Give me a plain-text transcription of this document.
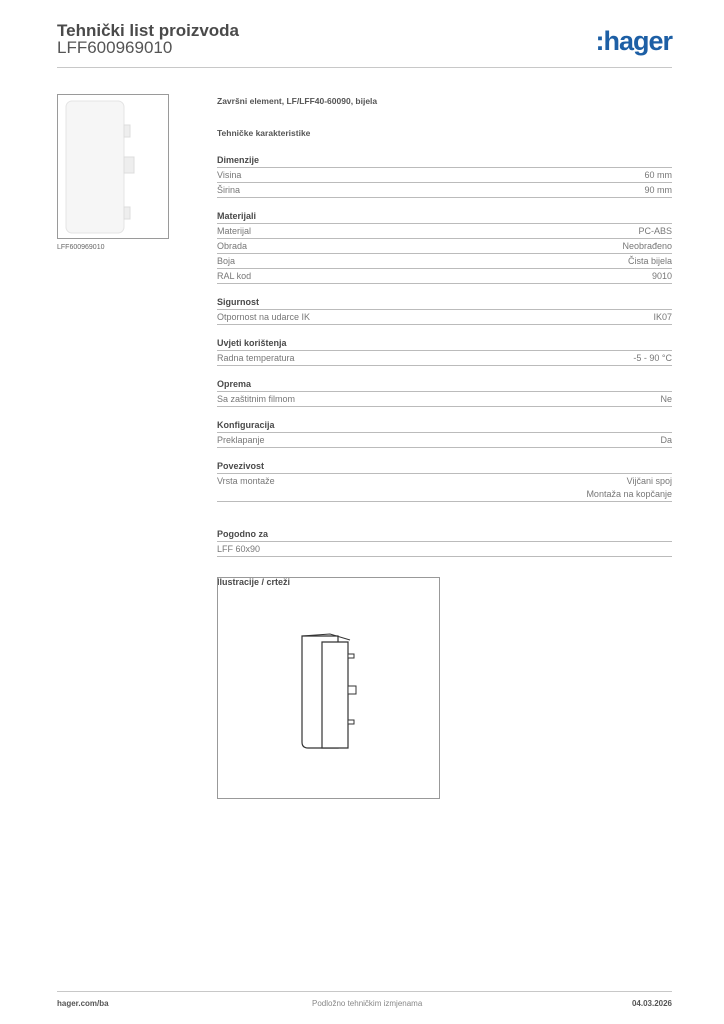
Tehnički list proizvoda
LFF600969010	:hager
LFF600969010
Završni element, LF/LFF40-60090, bijela
Tehničke karakteristike
Dimenzije
Visina	60 mm
Širina	90 mm
Materijali
Materijal	PC-ABS
Obrada	Neobrađeno
Boja	Čista bijela
RAL kod	9010
Sigurnost
Otpornost na udarce IK	IK07
Uvjeti korištenja
Radna temperatura	-5 - 90 °C
Oprema
Sa zaštitnim filmom	Ne
Konfiguracija
Preklapanje	Da
Povezivost
Vrsta montaže	Vijčani spoj
Montaža na kopčanje
Pogodno za
LFF 60x90
Ilustracije / crteži
hager.com/ba	Podložno tehničkim izmjenama	04.03.2026
